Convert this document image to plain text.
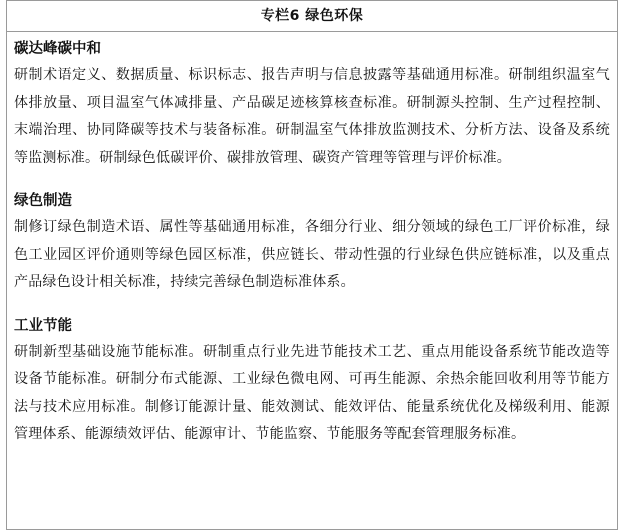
专栏6 绿色环保

碳达峰碳中和

研制术语定义、数据质量、标识标志、报告声明与信息披露等基础通用标准。研制组织温室气体排放量、项目温室气体减排量、产品碳足迹核算核查标准。研制源头控制、生产过程控制、末端治理、协同降碳等技术与装备标准。研制温室气体排放监测技术、分析方法、设备及系统等监测标准。研制绿色低碳评价、碳排放管理、碳资产管理等管理与评价标准。

绿色制造

制修订绿色制造术语、属性等基础通用标准，各细分行业、细分领域的绿色工厂评价标准，绿色工业园区评价通则等绿色园区标准，供应链长、带动性强的行业绿色供应链标准，以及重点产品绿色设计相关标准，持续完善绿色制造标准体系。

工业节能

研制新型基础设施节能标准。研制重点行业先进节能技术工艺、重点用能设备系统节能改造等设备节能标准。研制分布式能源、工业绿色微电网、可再生能源、余热余能回收利用等节能方法与技术应用标准。制修订能源计量、能效测试、能效评估、能量系统优化及梯级利用、能源管理体系、能源绩效评估、能源审计、节能监察、节能服务等配套管理服务标准。
